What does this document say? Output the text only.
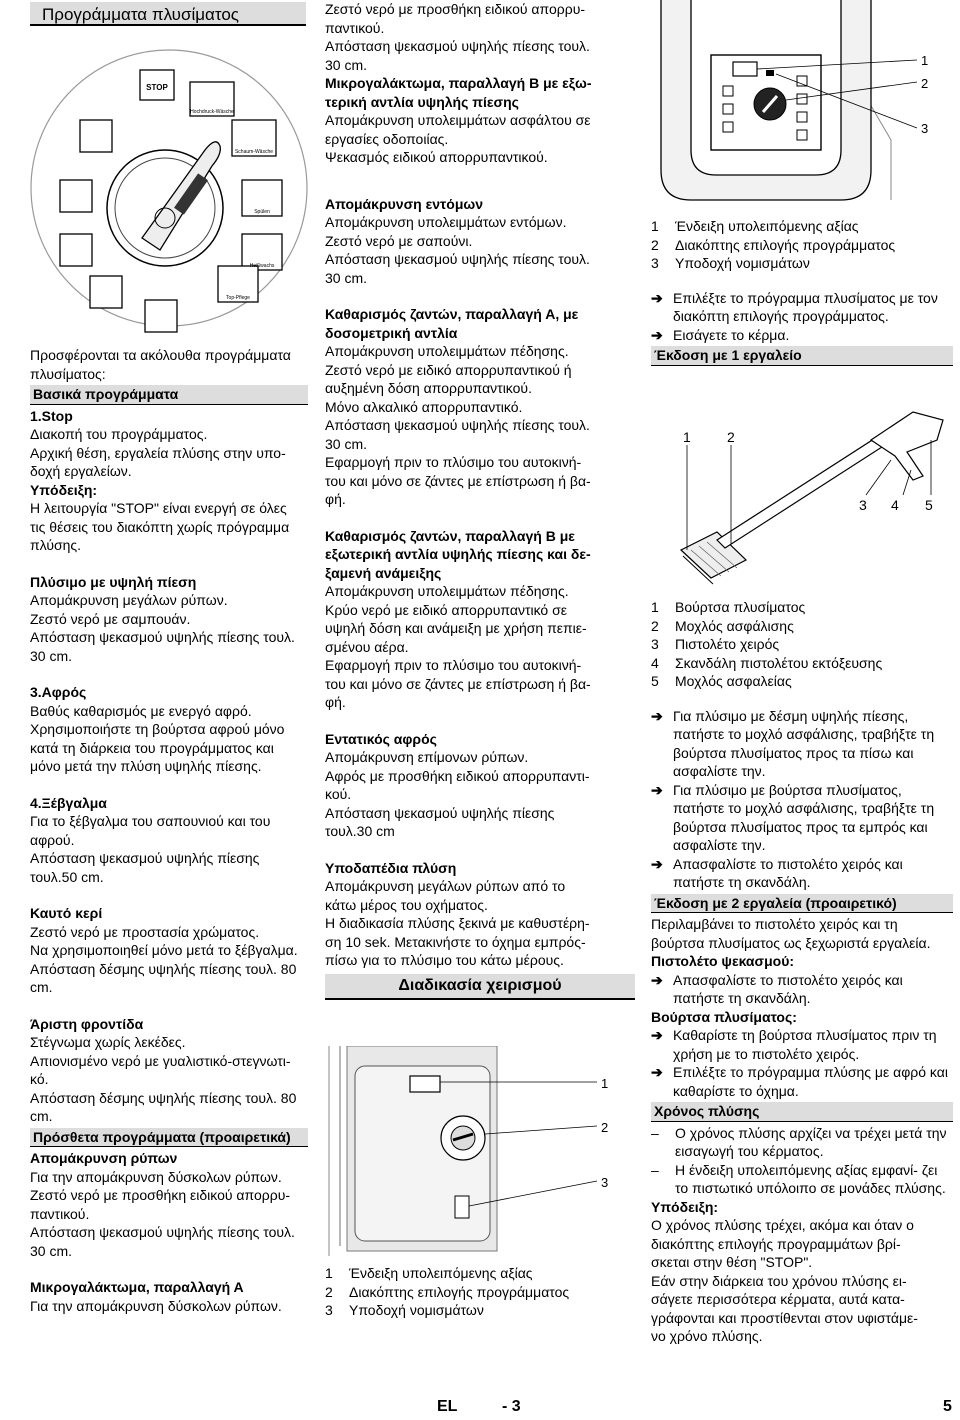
Προγράμματα πλυσίματος
STOP
Hochdruck-Wäsche
Schaum-Wäsche
Spülen
Heißwachs
Top-Pflege

Προσφέρονται τα ακόλουθα προγράμματα πλυσίματος:

Βασικά προγράμματα

1.Stop

Διακοπή του προγράμματος.

Αρχική θέση, εργαλεία πλύσης στην υπο-

δοχή εργαλείων.

Υπόδειξη:

Η λειτουργία "STOP" είναι ενεργή σε όλες

τις θέσεις του διακόπτη χωρίς πρόγραμμα

πλύσης.

Πλύσιμο με υψηλή πίεση

Απομάκρυνση μεγάλων ρύπων.

Ζεστό νερό με σαμπουάν.

Απόσταση ψεκασμού υψηλής πίεσης τουλ.

30 cm.

3.Αφρός

Βαθύς καθαρισμός με ενεργό αφρό.

Χρησιμοποιήστε τη βούρτσα αφρού μόνο

κατά τη διάρκεια του προγράμματος και

μόνο μετά την πλύση υψηλής πίεσης.

4.Ξέβγαλμα

Για το ξέβγαλμα του σαπουνιού και του

αφρού.

Απόσταση ψεκασμού υψηλής πίεσης

τουλ.50 cm.

Καυτό κερί

Ζεστό νερό με προστασία χρώματος.

Να χρησιμοποιηθεί μόνο μετά το ξέβγαλμα.

Απόσταση δέσμης υψηλής πίεσης τουλ. 80

cm.

Άριστη φροντίδα

Στέγνωμα χωρίς λεκέδες.

Απιονισμένο νερό με γυαλιστικό-στεγνωτι-

κό.

Απόσταση δέσμης υψηλής πίεσης τουλ. 80

cm.

Πρόσθετα προγράμματα (προαιρετικά)

Απομάκρυνση ρύπων

Για την απομάκρυνση δύσκολων ρύπων.

Ζεστό νερό με προσθήκη ειδικού απορρυ-

παντικού.

Απόσταση ψεκασμού υψηλής πίεσης τουλ.

30 cm.

Μικρογαλάκτωμα, παραλλαγή Α

Για την απομάκρυνση δύσκολων ρύπων.

Ζεστό νερό με προσθήκη ειδικού απορρυ-

παντικού.

Απόσταση ψεκασμού υψηλής πίεσης τουλ.

30 cm.

Μικρογαλάκτωμα, παραλλαγή Β με εξω-

τερική αντλία υψηλής πίεσης

Απομάκρυνση υπολειμμάτων ασφάλτου σε

εργασίες οδοποιίας.

Ψεκασμός ειδικού απορρυπαντικού.

Απομάκρυνση εντόμων

Απομάκρυνση υπολειμμάτων εντόμων.

Ζεστό νερό με σαπούνι.

Απόσταση ψεκασμού υψηλής πίεσης τουλ.

30 cm.

Καθαρισμός ζαντών, παραλλαγή Α, με

δοσομετρική αντλία

Απομάκρυνση υπολειμμάτων πέδησης.

Ζεστό νερό με ειδικό απορρυπαντικού ή

αυξημένη δόση απορρυπαντικού.

Μόνο αλκαλικό απορρυπαντικό.

Απόσταση ψεκασμού υψηλής πίεσης τουλ.

30 cm.

Εφαρμογή πριν το πλύσιμο του αυτοκινή-

του και μόνο σε ζάντες με επίστρωση ή βα-

φή.

Καθαρισμός ζαντών, παραλλαγή Β με

εξωτερική αντλία υψηλής πίεσης και δε-

ξαμενή ανάμειξης

Απομάκρυνση υπολειμμάτων πέδησης.

Κρύο νερό με ειδικό απορρυπαντικό σε

υψηλή δόση και ανάμειξη με χρήση πεπιε-

σμένου αέρα.

Εφαρμογή πριν το πλύσιμο του αυτοκινή-

του και μόνο σε ζάντες με επίστρωση ή βα-

φή.

Εντατικός αφρός

Απομάκρυνση επίμονων ρύπων.

Αφρός με προσθήκη ειδικού απορρυπαντι-

κού.

Απόσταση ψεκασμού υψηλής πίεσης

τουλ.30 cm

Υποδαπέδια πλύση

Απομάκρυνση μεγάλων ρύπων από το

κάτω μέρος του οχήματος.

Η διαδικασία πλύσης ξεκινά με καθυστέρη-

ση 10 sek. Μετακινήστε το όχημα εμπρός-

πίσω για το πλύσιμο του κάτω μέρους.

Διαδικασία χειρισμού
1
2
3
1	Ένδειξη υπολειπόμενης αξίας
2	Διακόπτης επιλογής προγράμματος
3	Υποδοχή νομισμάτων
1
2
3
1	Ένδειξη υπολειπόμενης αξίας
2	Διακόπτης επιλογής προγράμματος
3	Υποδοχή νομισμάτων
➔ Επιλέξτε το πρόγραμμα πλυσίματος με τον διακόπτη επιλογής προγράμματος.
➔ Εισάγετε το κέρμα.
Έκδοση με 1 εργαλείο
1	2
3 4 5
1	Βούρτσα πλυσίματος
2	Μοχλός ασφάλισης
3	Πιστολέτο χειρός
4	Σκανδάλη πιστολέτου εκτόξευσης
5	Μοχλός ασφαλείας
➔ Για πλύσιμο με δέσμη υψηλής πίεσης, πατήστε το μοχλό ασφάλισης, τραβήξτε τη βούρτσα πλυσίματος προς τα πίσω και ασφαλίστε την.
➔ Για πλύσιμο με βούρτσα πλυσίματος, πατήστε το μοχλό ασφάλισης, τραβήξτε τη βούρτσα πλυσίματος προς τα εμπρός και ασφαλίστε την.
➔ Απασφαλίστε το πιστολέτο χειρός και πατήστε τη σκανδάλη.
Έκδοση με 2 εργαλεία (προαιρετικό)

Περιλαμβάνει το πιστολέτο χειρός και τη

βούρτσα πλυσίματος ως ξεχωριστά εργαλεία.

Πιστολέτο ψεκασμού:

➔ Απασφαλίστε το πιστολέτο χειρός και πατήστε τη σκανδάλη.

Βούρτσα πλυσίματος:

➔ Καθαρίστε τη βούρτσα πλυσίματος πριν τη χρήση με το πιστολέτο χειρός.
➔ Επιλέξτε το πρόγραμμα πλύσης με αφρό και καθαρίστε το όχημα.
Χρόνος πλύσης
–	Ο χρόνος πλύσης αρχίζει να τρέχει μετά την εισαγωγή του κέρματος.
–	Η ένδειξη υπολειπόμενης αξίας εμφανί- ζει το πιστωτικό υπόλοιπο σε μονάδες πλύσης.

Υπόδειξη:

Ο χρόνος πλύσης τρέχει, ακόμα και όταν ο

διακόπτης επιλογής προγραμμάτων βρί-

σκεται στην θέση "STOP".

Εάν στην διάρκεια του χρόνου πλύσης ει-

σάγετε περισσότερα κέρματα, αυτά κατα-

γράφονται και προστίθενται στον υφιστάμε-

νο χρόνο πλύσης.

EL	- 3	5
